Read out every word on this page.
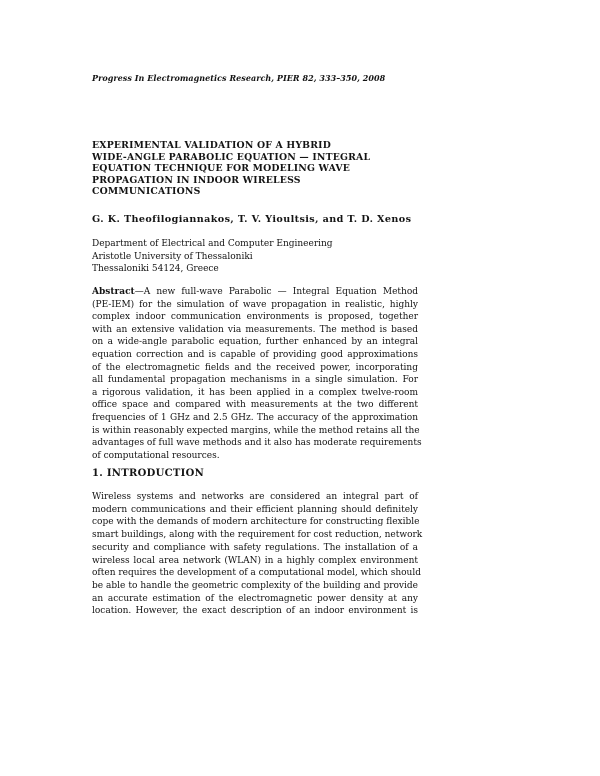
Progress In Electromagnetics Research, PIER 82, 333–350, 2008
EXPERIMENTAL VALIDATION OF A HYBRID
WIDE-ANGLE PARABOLIC EQUATION — INTEGRAL
EQUATION TECHNIQUE FOR MODELING WAVE
PROPAGATION IN INDOOR WIRELESS
COMMUNICATIONS
G. K. Theofilogiannakos, T. V. Yioultsis, and T. D. Xenos
Department of Electrical and Computer Engineering
Aristotle University of Thessaloniki
Thessaloniki 54124, Greece
Abstract—A new full-wave Parabolic — Integral Equation Method
(PE-IEM) for the simulation of wave propagation in realistic, highly
complex indoor communication environments is proposed, together
with an extensive validation via measurements. The method is based
on a wide-angle parabolic equation, further enhanced by an integral
equation correction and is capable of providing good approximations
of the electromagnetic fields and the received power, incorporating
all fundamental propagation mechanisms in a single simulation. For
a rigorous validation, it has been applied in a complex twelve-room
office space and compared with measurements at the two different
frequencies of 1 GHz and 2.5 GHz. The accuracy of the approximation
is within reasonably expected margins, while the method retains all the
advantages of full wave methods and it also has moderate requirements
of computational resources.
1. INTRODUCTION
Wireless systems and networks are considered an integral part of
modern communications and their efficient planning should definitely
cope with the demands of modern architecture for constructing flexible
smart buildings, along with the requirement for cost reduction, network
security and compliance with safety regulations. The installation of a
wireless local area network (WLAN) in a highly complex environment
often requires the development of a computational model, which should
be able to handle the geometric complexity of the building and provide
an accurate estimation of the electromagnetic power density at any
location. However, the exact description of an indoor environment is
